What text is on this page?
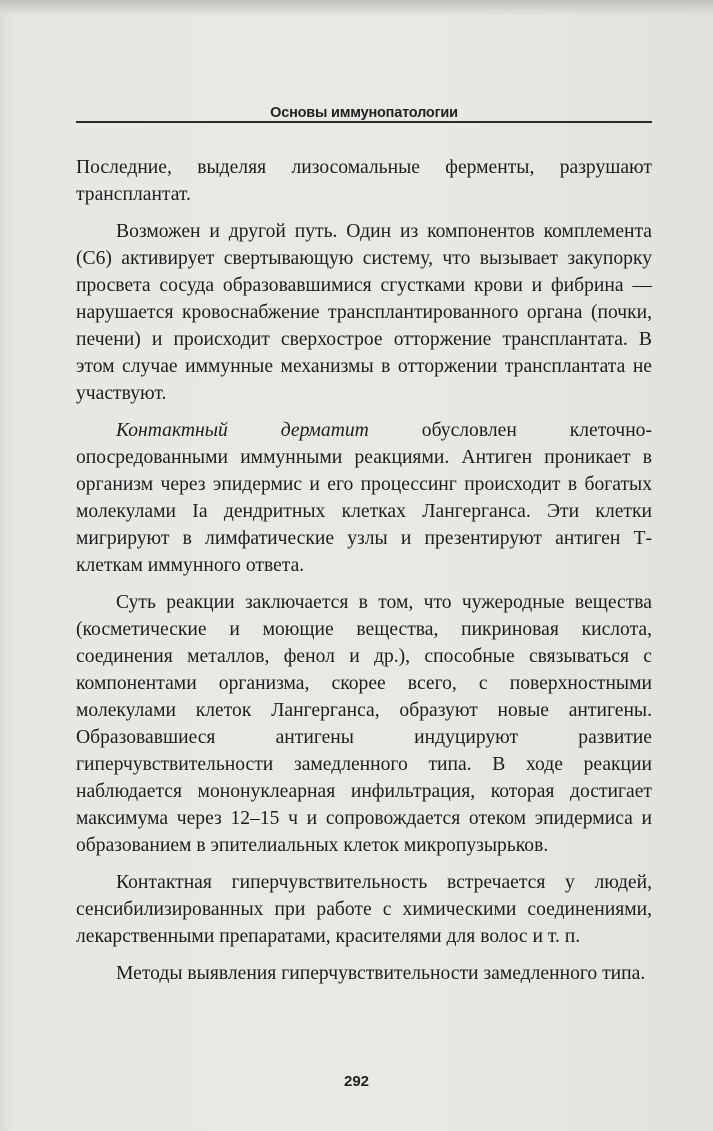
Основы иммунопатологии

Последние, выделяя лизосомальные ферменты, разрушают трансплантат.

Возможен и другой путь. Один из компонентов комплемента (С6) активирует свертывающую систему, что вызывает закупорку просвета сосуда образовавшимися сгустками крови и фибрина — нарушается кровоснабжение трансплантированного органа (почки, печени) и происходит сверхострое отторжение трансплантата. В этом случае иммунные механизмы в отторжении трансплантата не участвуют.

Контактный дерматит обусловлен клеточно-опосредованными иммунными реакциями. Антиген проникает в организм через эпидермис и его процессинг происходит в богатых молекулами Ia дендритных клетках Лангерганса. Эти клетки мигрируют в лимфатические узлы и презентируют антиген Т-клеткам иммунного ответа.

Суть реакции заключается в том, что чужеродные вещества (косметические и моющие вещества, пикриновая кислота, соединения металлов, фенол и др.), способные связываться с компонентами организма, скорее всего, с поверхностными молекулами клеток Лангерганса, образуют новые антигены. Образовавшиеся антигены индуцируют развитие гиперчувствительности замедленного типа. В ходе реакции наблюдается мононуклеарная инфильтрация, которая достигает максимума через 12–15 ч и сопровождается отеком эпидермиса и образованием в эпителиальных клеток микропузырьков.

Контактная гиперчувствительность встречается у людей, сенсибилизированных при работе с химическими соединениями, лекарственными препаратами, красителями для волос и т. п.

Методы выявления гиперчувствительности замедленного типа.

292
